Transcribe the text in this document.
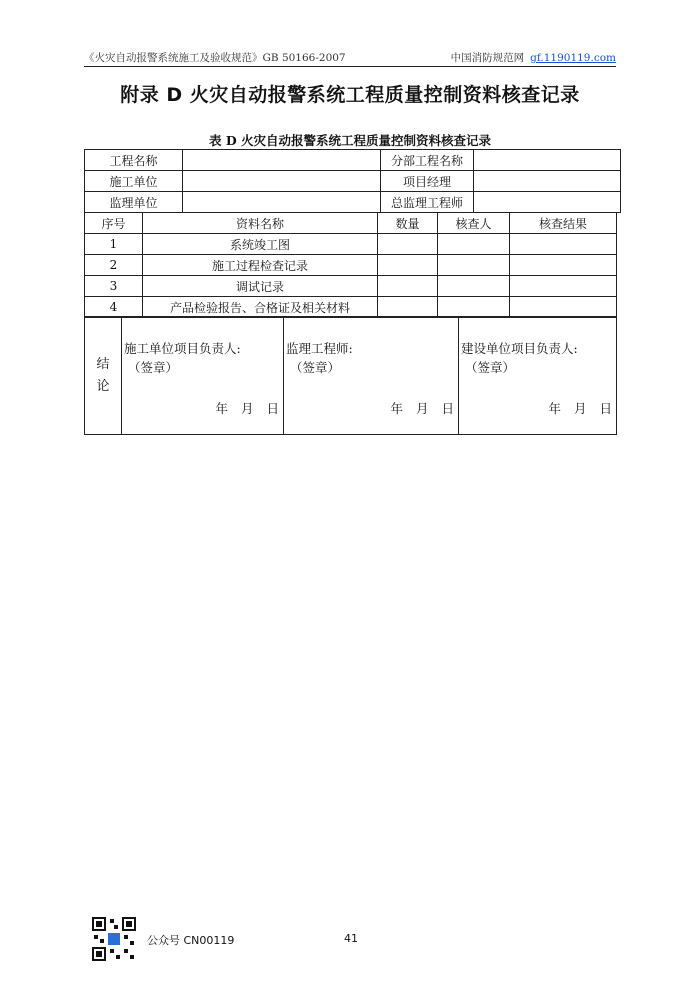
《火灾自动报警系统施工及验收规范》GB 50166-2007	中国消防规范网 gf.1190119.com
附录 D 火灾自动报警系统工程质量控制资料核查记录
表 D 火灾自动报警系统工程质量控制资料核查记录
工程名称		分部工程名称	
施工单位		项目经理	
监理单位		总监理工程师	
序号	资料名称	数量	核查人	核查结果
1	系统竣工图			
2	施工过程检查记录			
3	调试记录			
4	产品检验报告、合格证及相关材料			
结
论

施工单位项目负责人:
（签章）
年 月 日

监理工程师:
（签章）
年 月 日

建设单位项目负责人:
（签章）
年 月 日
公众号 CN00119	41
